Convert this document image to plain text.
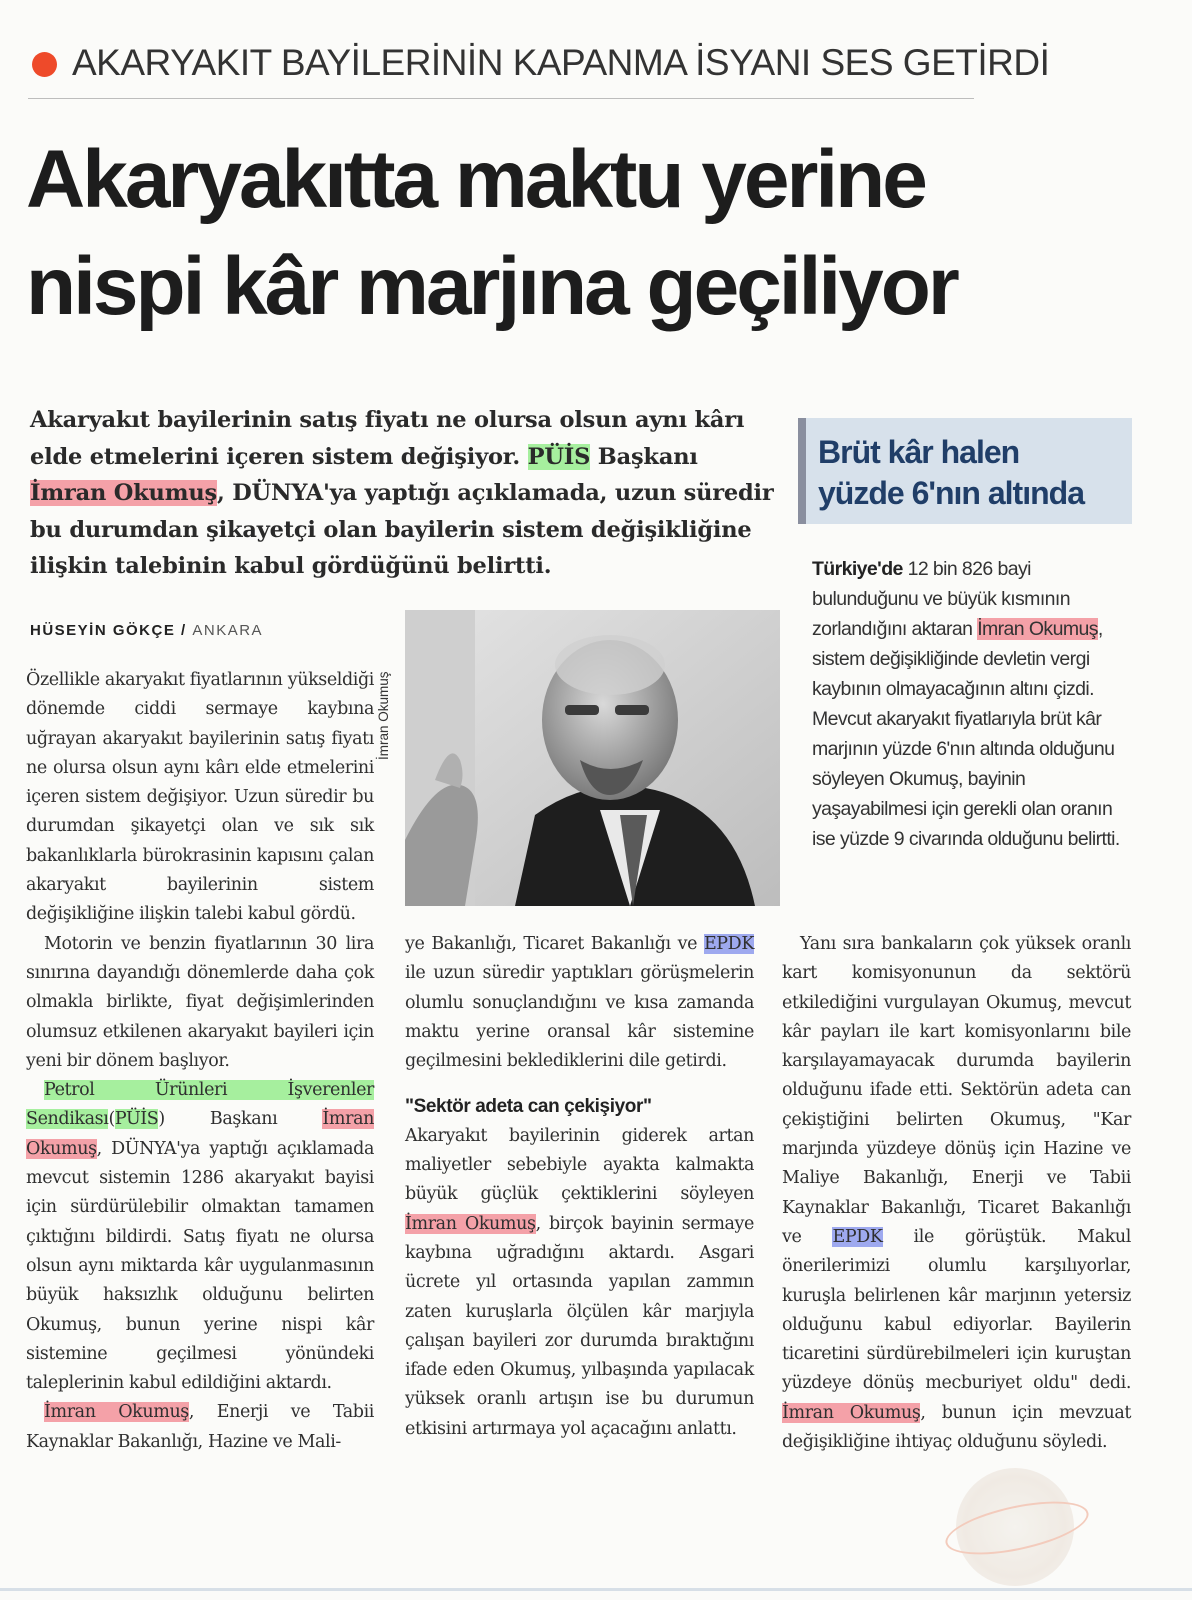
AKARYAKIT BAYİLERİNİN KAPANMA İSYANI SES GETİRDİ
Akaryakıtta maktu yerine
nispi kâr marjına geçiliyor

Akaryakıt bayilerinin satış fiyatı ne olursa olsun aynı kârı elde etmelerini içeren sistem değişiyor. PÜİS Başkanı İmran Okumuş, DÜNYA'ya yaptığı açıklamada, uzun süredir bu durumdan şikayetçi olan bayilerin sistem değişikliğine ilişkin talebinin kabul gördüğünü belirtti.

HÜSEYİN GÖKÇE / ANKARA
Brüt kâr halen
yüzde 6'nın altında

Türkiye'de 12 bin 826 bayi bulunduğunu ve büyük kısmının zorlandığını aktaran İmran Okumuş, sistem değişikliğinde devletin vergi kaybının olmayacağının altını çizdi. Mevcut akaryakıt fiyatlarıyla brüt kâr marjının yüzde 6'nın altında olduğunu söyleyen Okumuş, bayinin yaşayabilmesi için gerekli olan oranın ise yüzde 9 civarında olduğunu belirtti.

İmran Okumuş

Özellikle akaryakıt fiyatlarının yükseldiği dönemde ciddi sermaye kaybına uğrayan akaryakıt bayilerinin satış fiyatı ne olursa olsun aynı kârı elde etmelerini içeren sistem değişiyor. Uzun süredir bu durumdan şikayetçi olan ve sık sık bakanlıklarla bürokrasinin kapısını çalan akaryakıt bayilerinin sistem değişikliğine ilişkin talebi kabul gördü.

Motorin ve benzin fiyatlarının 30 lira sınırına dayandığı dönemlerde daha çok olmakla birlikte, fiyat değişimlerinden olumsuz etkilenen akaryakıt bayileri için yeni bir dönem başlıyor.

Petrol Ürünleri İşverenler Sendikası(PÜİS) Başkanı İmran Okumuş, DÜNYA'ya yaptığı açıklamada mevcut sistemin 1286 akaryakıt bayisi için sürdürülebilir olmaktan tamamen çıktığını bildirdi. Satış fiyatı ne olursa olsun aynı miktarda kâr uygulanmasının büyük haksızlık olduğunu belirten Okumuş, bunun yerine nispi kâr sistemine geçilmesi yönündeki taleplerinin kabul edildiğini aktardı.

İmran Okumuş, Enerji ve Tabii Kaynaklar Bakanlığı, Hazine ve Mali-

ye Bakanlığı, Ticaret Bakanlığı ve EPDK ile uzun süredir yaptıkları görüşmelerin olumlu sonuçlandığını ve kısa zamanda maktu yerine oransal kâr sistemine geçilmesini beklediklerini dile getirdi.

"Sektör adeta can çekişiyor"

Akaryakıt bayilerinin giderek artan maliyetler sebebiyle ayakta kalmakta büyük güçlük çektiklerini söyleyen İmran Okumuş, birçok bayinin sermaye kaybına uğradığını aktardı. Asgari ücrete yıl ortasında yapılan zammın zaten kuruşlarla ölçülen kâr marjıyla çalışan bayileri zor durumda bıraktığını ifade eden Okumuş, yılbaşında yapılacak yüksek oranlı artışın ise bu durumun etkisini artırmaya yol açacağını anlattı.

Yanı sıra bankaların çok yüksek oranlı kart komisyonunun da sektörü etkilediğini vurgulayan Okumuş, mevcut kâr payları ile kart komisyonlarını bile karşılayamayacak durumda bayilerin olduğunu ifade etti. Sektörün adeta can çekiştiğini belirten Okumuş, "Kar marjında yüzdeye dönüş için Hazine ve Maliye Bakanlığı, Enerji ve Tabii Kaynaklar Bakanlığı, Ticaret Bakanlığı ve EPDK ile görüştük. Makul önerilerimizi olumlu karşılıyorlar, kuruşla belirlenen kâr marjının yetersiz olduğunu kabul ediyorlar. Bayilerin ticaretini sürdürebilmeleri için kuruştan yüzdeye dönüş mecburiyet oldu" dedi. İmran Okumuş, bunun için mevzuat değişikliğine ihtiyaç olduğunu söyledi.
